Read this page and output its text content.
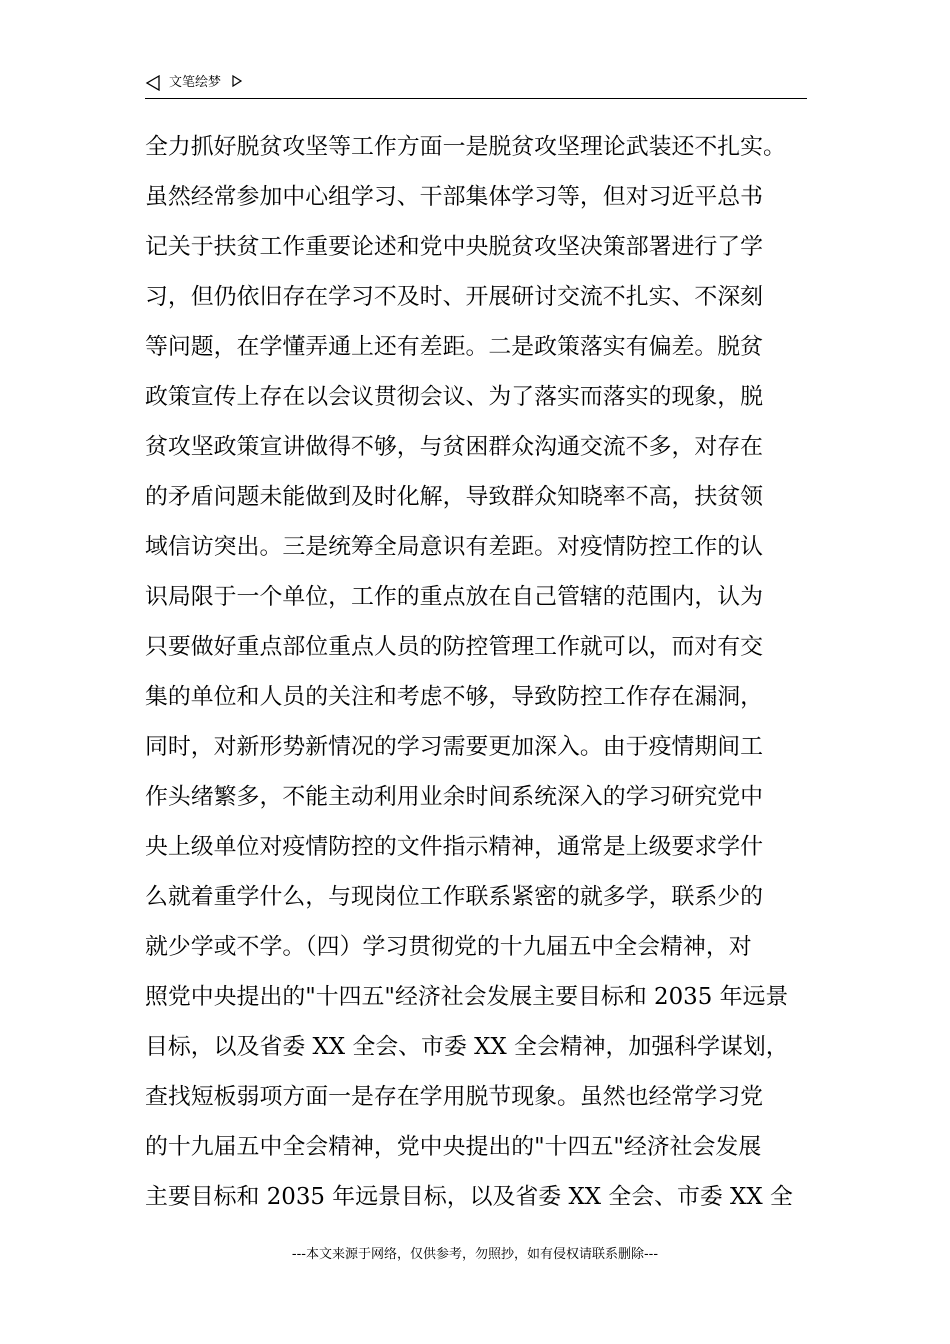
文笔绘梦
全力抓好脱贫攻坚等工作方面一是脱贫攻坚理论武装还不扎实。
虽然经常参加中心组学习、干部集体学习等，但对习近平总书
记关于扶贫工作重要论述和党中央脱贫攻坚决策部署进行了学
习，但仍依旧存在学习不及时、开展研讨交流不扎实、不深刻
等问题，在学懂弄通上还有差距。二是政策落实有偏差。脱贫
政策宣传上存在以会议贯彻会议、为了落实而落实的现象，脱
贫攻坚政策宣讲做得不够，与贫困群众沟通交流不多，对存在
的矛盾问题未能做到及时化解，导致群众知晓率不高，扶贫领
域信访突出。三是统筹全局意识有差距。对疫情防控工作的认
识局限于一个单位，工作的重点放在自己管辖的范围内，认为
只要做好重点部位重点人员的防控管理工作就可以，而对有交
集的单位和人员的关注和考虑不够，导致防控工作存在漏洞，
同时，对新形势新情况的学习需要更加深入。由于疫情期间工
作头绪繁多，不能主动利用业余时间系统深入的学习研究党中
央上级单位对疫情防控的文件指示精神，通常是上级要求学什
么就着重学什么，与现岗位工作联系紧密的就多学，联系少的
就少学或不学。（四）学习贯彻党的十九届五中全会精神，对
照党中央提出的"十四五"经济社会发展主要目标和 2035 年远景
目标，以及省委 XX 全会、市委 XX 全会精神，加强科学谋划，
查找短板弱项方面一是存在学用脱节现象。虽然也经常学习党
的十九届五中全会精神，党中央提出的"十四五"经济社会发展
主要目标和 2035 年远景目标，以及省委 XX 全会、市委 XX 全
---本文来源于网络，仅供参考，勿照抄，如有侵权请联系删除---
